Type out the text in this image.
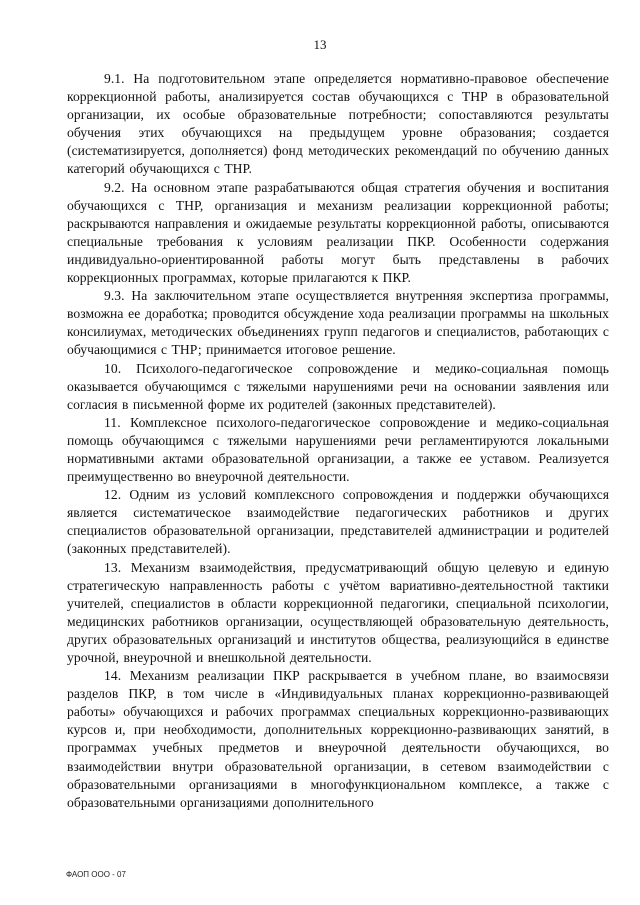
13

9.1. На подготовительном этапе определяется нормативно-правовое обеспечение коррекционной работы, анализируется состав обучающихся с ТНР в образовательной организации, их особые образовательные потребности; сопоставляются результаты обучения этих обучающихся на предыдущем уровне образования; создается (систематизируется, дополняется) фонд методических рекомендаций по обучению данных категорий обучающихся с ТНР.

9.2. На основном этапе разрабатываются общая стратегия обучения и воспитания обучающихся с ТНР, организация и механизм реализации коррекционной работы; раскрываются направления и ожидаемые результаты коррекционной работы, описываются специальные требования к условиям реализации ПКР. Особенности содержания индивидуально-ориентированной работы могут быть представлены в рабочих коррекционных программах, которые прилагаются к ПКР.

9.3. На заключительном этапе осуществляется внутренняя экспертиза программы, возможна ее доработка; проводится обсуждение хода реализации программы на школьных консилиумах, методических объединениях групп педагогов и специалистов, работающих с обучающимися с ТНР; принимается итоговое решение.

10. Психолого-педагогическое сопровождение и медико-социальная помощь оказывается обучающимся с тяжелыми нарушениями речи на основании заявления или согласия в письменной форме их родителей (законных представителей).

11. Комплексное психолого-педагогическое сопровождение и медико-социальная помощь обучающимся с тяжелыми нарушениями речи регламентируются локальными нормативными актами образовательной организации, а также ее уставом. Реализуется преимущественно во внеурочной деятельности.

12. Одним из условий комплексного сопровождения и поддержки обучающихся является систематическое взаимодействие педагогических работников и других специалистов образовательной организации, представителей администрации и родителей (законных представителей).

13. Механизм взаимодействия, предусматривающий общую целевую и единую стратегическую направленность работы с учётом вариативно-деятельностной тактики учителей, специалистов в области коррекционной педагогики, специальной психологии, медицинских работников организации, осуществляющей образовательную деятельность, других образовательных организаций и институтов общества, реализующийся в единстве урочной, внеурочной и внешкольной деятельности.

14. Механизм реализации ПКР раскрывается в учебном плане, во взаимосвязи разделов ПКР, в том числе в «Индивидуальных планах коррекционно-развивающей работы» обучающихся и рабочих программах специальных коррекционно-развивающих курсов и, при необходимости, дополнительных коррекционно-развивающих занятий, в программах учебных предметов и внеурочной деятельности обучающихся, во взаимодействии внутри образовательной организации, в сетевом взаимодействии с образовательными организациями в многофункциональном комплексе, а также с образовательными организациями дополнительного

ФАОП ООО - 07
